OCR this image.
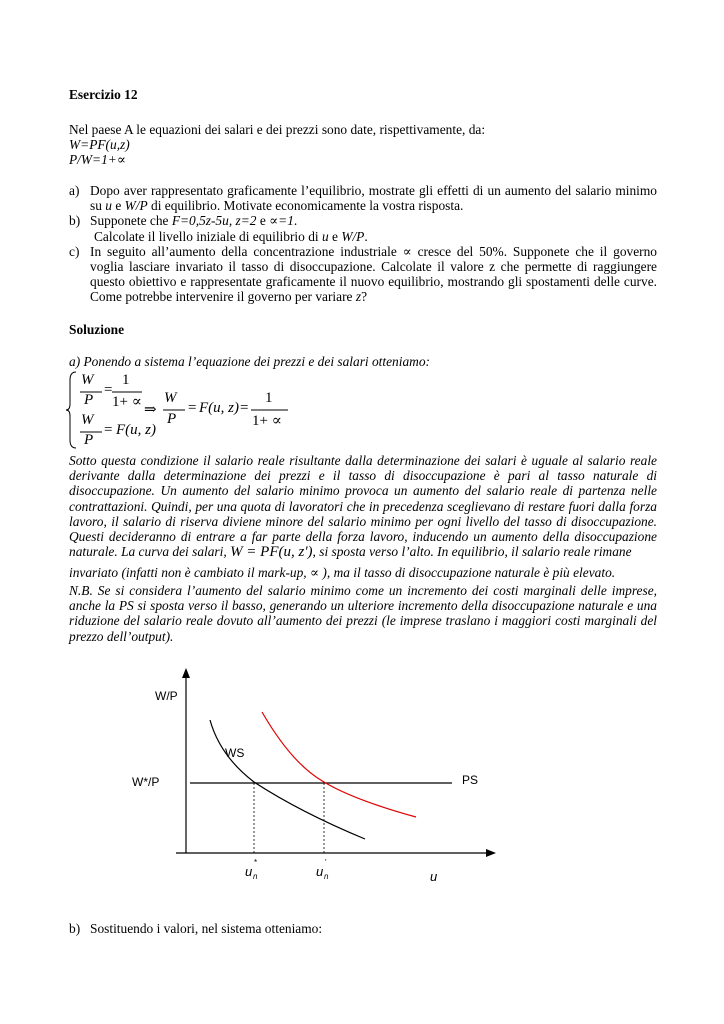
Esercizio 12
Nel paese A le equazioni dei salari e dei prezzi sono date, rispettivamente, da:
W=PF(u,z)
P/W=1+∝
a) Dopo aver rappresentato graficamente l’equilibrio, mostrate gli effetti di un aumento del salario minimo su u e W/P di equilibrio. Motivate economicamente la vostra risposta.
b) Supponete che F=0,5z-5u, z=2 e ∝=1.
Calcolate il livello iniziale di equilibrio di u e W/P.
c) In seguito all’aumento della concentrazione industriale ∝ cresce del 50%. Supponete che il governo voglia lasciare invariato il tasso di disoccupazione. Calcolate il valore z che permette di raggiungere questo obiettivo e rappresentate graficamente il nuovo equilibrio, mostrando gli spostamenti delle curve. Come potrebbe intervenire il governo per variare z?
Soluzione
a) Ponendo a sistema l’equazione dei prezzi e dei salari otteniamo:
W
P
=
1
1+ ∝ ⇒
W
P
= F(u, z) =
1
1+ ∝
W
P
= F(u, z)
Sotto questa condizione il salario reale risultante dalla determinazione dei salari è uguale al salario reale derivante dalla determinazione dei prezzi e il tasso di disoccupazione è pari al tasso naturale di disoccupazione. Un aumento del salario minimo provoca un aumento del salario reale di partenza nelle contrattazioni. Quindi, per una quota di lavoratori che in precedenza sceglievano di restare fuori dalla forza lavoro, il salario di riserva diviene minore del salario minimo per ogni livello del tasso di disoccupazione. Questi decideranno di entrare a far parte della forza lavoro, inducendo un aumento della disoccupazione naturale. La curva dei salari, W = PF(u, z'), si sposta verso l’alto. In equilibrio, il salario reale rimane
invariato (infatti non è cambiato il mark-up, ∝ ), ma il tasso di disoccupazione naturale è più elevato.
N.B. Se si considera l’aumento del salario minimo come un incremento dei costi marginali delle imprese, anche la PS si sposta verso il basso, generando un ulteriore incremento della disoccupazione naturale e una riduzione del salario reale dovuto all’aumento dei prezzi (le imprese traslano i maggiori costi marginali del prezzo dell’output).
W/P
WS
W*/P	PS
u
*
n	u
'
n	u
b) Sostituendo i valori, nel sistema otteniamo:
